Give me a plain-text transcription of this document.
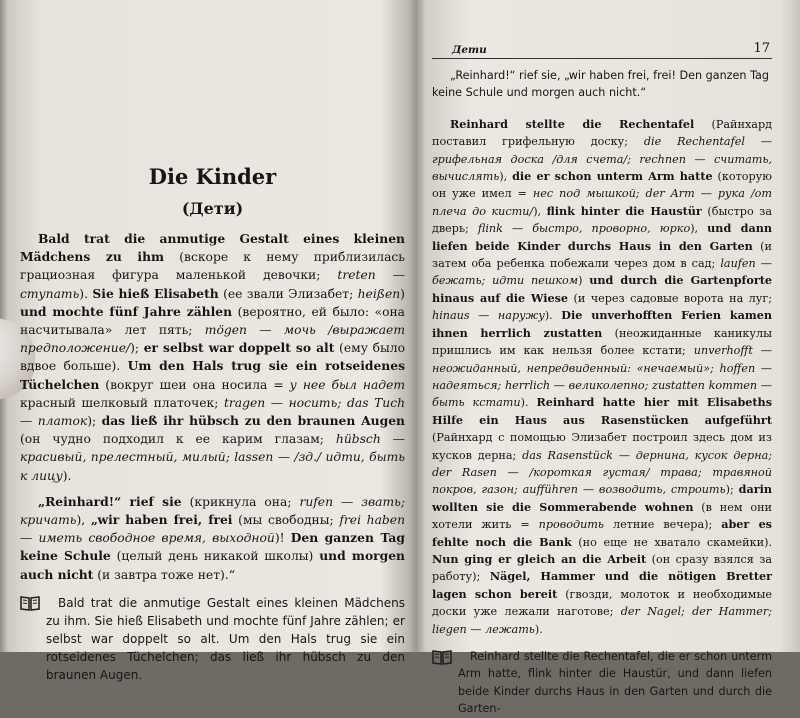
Die Kinder
(Дети)

Bald trat die anmutige Gestalt eines kleinen Mädchens zu ihm (вскоре к нему приблизилась грациозная фигура маленькой девочки; treten — ступать). Sie hieß Elisabeth (ее звали Элизабет; heißen) und mochte fünf Jahre zählen (вероятно, ей было: «она насчитывала» лет пять; mögen — мочь /выражает предположение/); er selbst war doppelt so alt (ему было вдвое больше). Um den Hals trug sie ein rotseidenes Tüchelchen (вокруг шеи она носила = у нее был надет красный шелковый платочек; tragen — носить; das Tuch — платок); das ließ ihr hübsch zu den braunen Augen (он чудно подходил к ее карим глазам; hübsch — красивый, прелестный, милый; lassen — /зд./ идти, быть к лицу).

„Reinhard!“ rief sie (крикнула она; rufen — звать; кричать), „wir haben frei, frei (мы свободны; frei haben — иметь свободное время, выходной)! Den ganzen Tag keine Schule (целый день никакой школы) und morgen auch nicht (и завтра тоже нет).“

Bald trat die anmutige Gestalt eines kleinen Mädchens zu ihm. Sie hieß Elisabeth und mochte fünf Jahre zählen; er selbst war doppelt so alt. Um den Hals trug sie ein rotseidenes Tüchelchen; das ließ ihr hübsch zu den braunen Augen.

Дети	17

„Reinhard!“ rief sie, „wir haben frei, frei! Den ganzen Tag keine Schule und morgen auch nicht.“

Reinhard stellte die Rechentafel (Райнхард поставил грифельную доску; die Rechentafel — грифельная доска /для счета/; rechnen — считать, вычислять), die er schon unterm Arm hatte (которую он уже имел = нес под мышкой; der Arm — рука /от плеча до кисти/), flink hinter die Haustür (быстро за дверь; flink — быстро, проворно, юрко), und dann liefen beide Kinder durchs Haus in den Garten (и затем оба ребенка побежали через дом в сад; laufen — бежать; идти пешком) und durch die Gartenpforte hinaus auf die Wiese (и через садовые ворота на луг; hinaus — наружу). Die unverhofften Ferien kamen ihnen herrlich zustatten (неожиданные каникулы пришлись им как нельзя более кстати; unverhofft — неожиданный, непредвиденный: «нечаемый»; hoffen — надеяться; herrlich — великолепно; zustatten kommen — быть кстати). Reinhard hatte hier mit Elisabeths Hilfe ein Haus aus Rasenstücken aufgeführt (Райнхард с помощью Элизабет построил здесь дом из кусков дерна; das Rasenstück — дернина, кусок дерна; der Rasen — /короткая густая/ трава; травяной покров, газон; aufführen — возводить, строить); darin wollten sie die Sommerabende wohnen (в нем они хотели жить = проводить летние вечера); aber es fehlte noch die Bank (но еще не хватало скамейки). Nun ging er gleich an die Arbeit (он сразу взялся за работу); Nägel, Hammer und die nötigen Bretter lagen schon bereit (гвозди, молоток и необходимые доски уже лежали наготове; der Nagel; der Hammer; liegen — лежать).

Reinhard stellte die Rechentafel, die er schon unterm Arm hatte, flink hinter die Haustür, und dann liefen beide Kinder durchs Haus in den Garten und durch die Garten-
